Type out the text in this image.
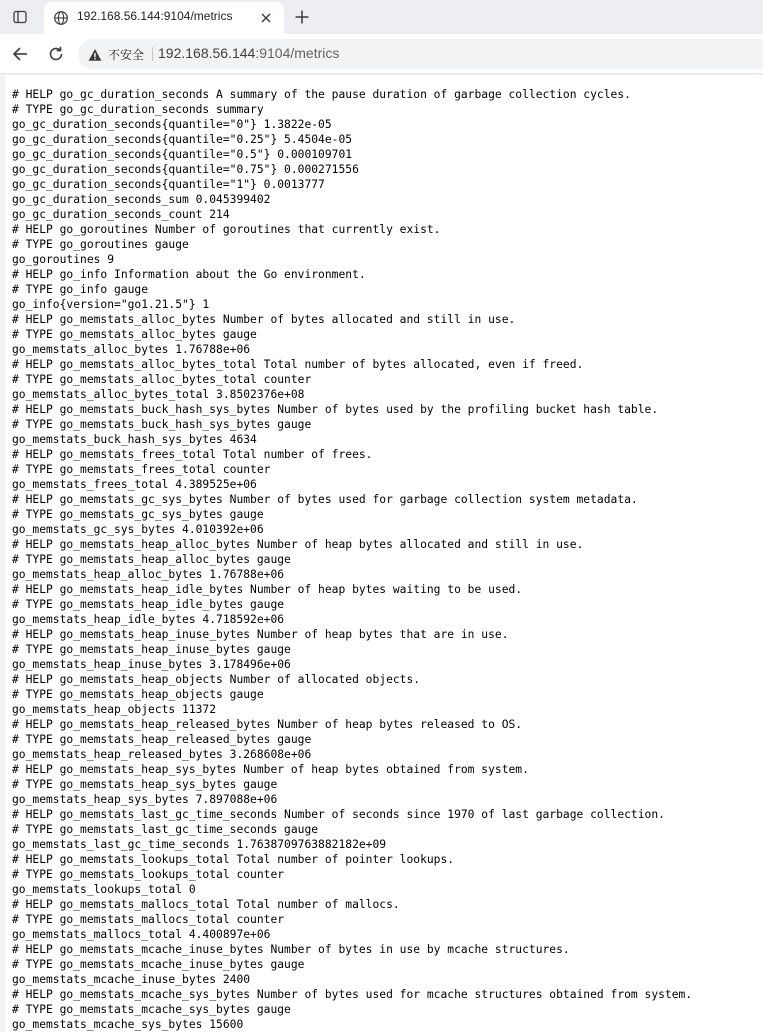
192.168.56.144:9104/metrics
不安全 192.168.56.144:9104/metrics
# HELP go_gc_duration_seconds A summary of the pause duration of garbage collection cycles.
# TYPE go_gc_duration_seconds summary
go_gc_duration_seconds{quantile="0"} 1.3822e-05
go_gc_duration_seconds{quantile="0.25"} 5.4504e-05
go_gc_duration_seconds{quantile="0.5"} 0.000109701
go_gc_duration_seconds{quantile="0.75"} 0.000271556
go_gc_duration_seconds{quantile="1"} 0.0013777
go_gc_duration_seconds_sum 0.045399402
go_gc_duration_seconds_count 214
# HELP go_goroutines Number of goroutines that currently exist.
# TYPE go_goroutines gauge
go_goroutines 9
# HELP go_info Information about the Go environment.
# TYPE go_info gauge
go_info{version="go1.21.5"} 1
# HELP go_memstats_alloc_bytes Number of bytes allocated and still in use.
# TYPE go_memstats_alloc_bytes gauge
go_memstats_alloc_bytes 1.76788e+06
# HELP go_memstats_alloc_bytes_total Total number of bytes allocated, even if freed.
# TYPE go_memstats_alloc_bytes_total counter
go_memstats_alloc_bytes_total 3.8502376e+08
# HELP go_memstats_buck_hash_sys_bytes Number of bytes used by the profiling bucket hash table.
# TYPE go_memstats_buck_hash_sys_bytes gauge
go_memstats_buck_hash_sys_bytes 4634
# HELP go_memstats_frees_total Total number of frees.
# TYPE go_memstats_frees_total counter
go_memstats_frees_total 4.389525e+06
# HELP go_memstats_gc_sys_bytes Number of bytes used for garbage collection system metadata.
# TYPE go_memstats_gc_sys_bytes gauge
go_memstats_gc_sys_bytes 4.010392e+06
# HELP go_memstats_heap_alloc_bytes Number of heap bytes allocated and still in use.
# TYPE go_memstats_heap_alloc_bytes gauge
go_memstats_heap_alloc_bytes 1.76788e+06
# HELP go_memstats_heap_idle_bytes Number of heap bytes waiting to be used.
# TYPE go_memstats_heap_idle_bytes gauge
go_memstats_heap_idle_bytes 4.718592e+06
# HELP go_memstats_heap_inuse_bytes Number of heap bytes that are in use.
# TYPE go_memstats_heap_inuse_bytes gauge
go_memstats_heap_inuse_bytes 3.178496e+06
# HELP go_memstats_heap_objects Number of allocated objects.
# TYPE go_memstats_heap_objects gauge
go_memstats_heap_objects 11372
# HELP go_memstats_heap_released_bytes Number of heap bytes released to OS.
# TYPE go_memstats_heap_released_bytes gauge
go_memstats_heap_released_bytes 3.268608e+06
# HELP go_memstats_heap_sys_bytes Number of heap bytes obtained from system.
# TYPE go_memstats_heap_sys_bytes gauge
go_memstats_heap_sys_bytes 7.897088e+06
# HELP go_memstats_last_gc_time_seconds Number of seconds since 1970 of last garbage collection.
# TYPE go_memstats_last_gc_time_seconds gauge
go_memstats_last_gc_time_seconds 1.7638709763882182e+09
# HELP go_memstats_lookups_total Total number of pointer lookups.
# TYPE go_memstats_lookups_total counter
go_memstats_lookups_total 0
# HELP go_memstats_mallocs_total Total number of mallocs.
# TYPE go_memstats_mallocs_total counter
go_memstats_mallocs_total 4.400897e+06
# HELP go_memstats_mcache_inuse_bytes Number of bytes in use by mcache structures.
# TYPE go_memstats_mcache_inuse_bytes gauge
go_memstats_mcache_inuse_bytes 2400
# HELP go_memstats_mcache_sys_bytes Number of bytes used for mcache structures obtained from system.
# TYPE go_memstats_mcache_sys_bytes gauge
go_memstats_mcache_sys_bytes 15600
